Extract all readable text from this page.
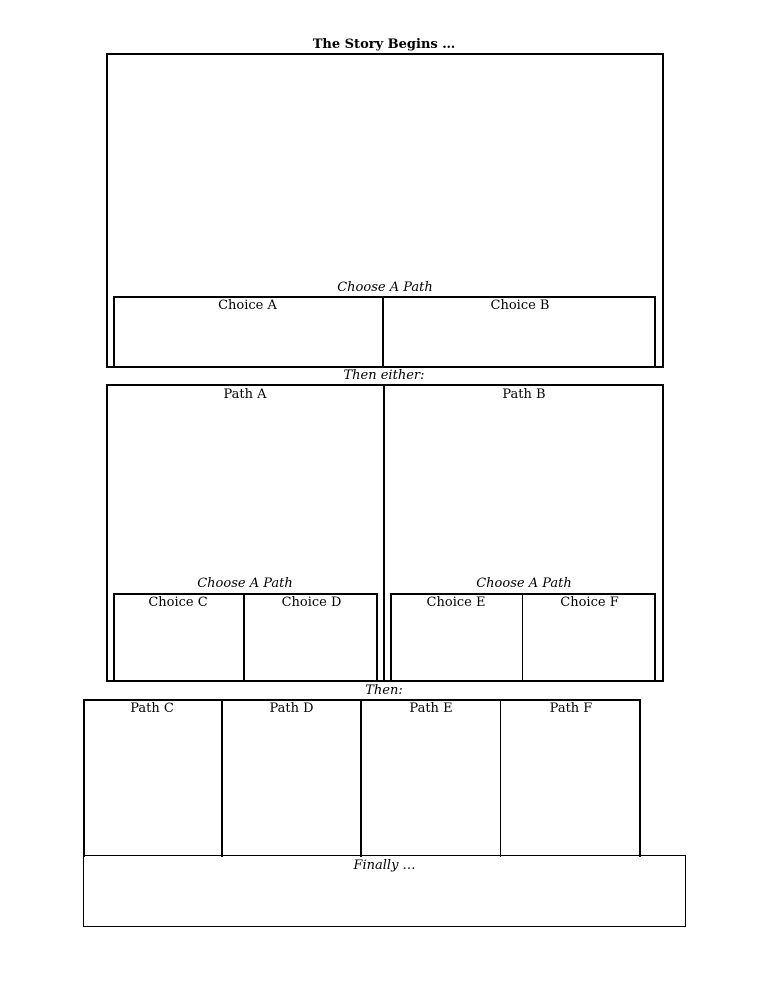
The Story Begins …
Choose A Path
Choice A	Choice B
Then either:
Path A	Path B
Choose A Path	Choose A Path
Choice C	Choice D	Choice E	Choice F
Then:
Path C	Path D	Path E	Path F
Finally …
